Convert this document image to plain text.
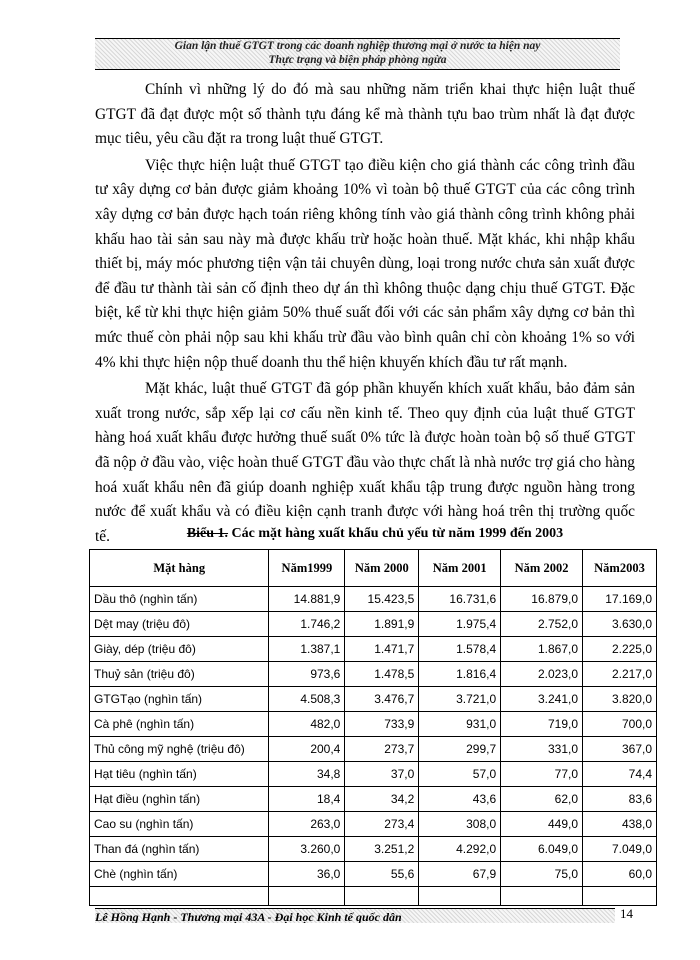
Gian lận thuế GTGT trong các doanh nghiệp thương mại ở nước ta hiện nay
Thực trạng và biện pháp phòng ngừa

Chính vì những lý do đó mà sau những năm triển khai thực hiện luật thuế GTGT đã đạt được một số thành tựu đáng kể mà thành tựu bao trùm nhất là đạt được mục tiêu, yêu cầu đặt ra trong luật thuế GTGT.

Việc thực hiện luật thuế GTGT tạo điều kiện cho giá thành các công trình đầu tư xây dựng cơ bản được giảm khoảng 10% vì toàn bộ thuế GTGT của các công trình xây dựng cơ bản được hạch toán riêng không tính vào giá thành công trình không phải khấu hao tài sản sau này mà được khấu trừ hoặc hoàn thuế. Mặt khác, khi nhập khẩu thiết bị, máy móc phương tiện vận tải chuyên dùng, loại trong nước chưa sản xuất được để đầu tư thành tài sản cố định theo dự án thì không thuộc dạng chịu thuế GTGT. Đặc biệt, kể từ khi thực hiện giảm 50% thuế suất đối với các sản phẩm xây dựng cơ bản thì mức thuế còn phải nộp sau khi khấu trừ đầu vào bình quân chỉ còn khoảng 1% so với 4% khi thực hiện nộp thuế doanh thu thể hiện khuyến khích đầu tư rất mạnh.

Mặt khác, luật thuế GTGT đã góp phần khuyến khích xuất khẩu, bảo đảm sản xuất trong nước, sắp xếp lại cơ cấu nền kinh tế. Theo quy định của luật thuế GTGT hàng hoá xuất khẩu được hưởng thuế suất 0% tức là được hoàn toàn bộ số thuế GTGT đã nộp ở đầu vào, việc hoàn thuế GTGT đầu vào thực chất là nhà nước trợ giá cho hàng hoá xuất khẩu nên đã giúp doanh nghiệp xuất khẩu tập trung được nguồn hàng trong nước để xuất khẩu và có điều kiện cạnh tranh được với hàng hoá trên thị trường quốc tế.	Biểu 1. Các mặt hàng xuất khẩu chủ yếu từ năm 1999 đến 2003
Mặt hàng	Năm1999	Năm 2000	Năm 2001	Năm 2002	Năm2003
Dầu thô (nghìn tấn)	14.881,9	15.423,5	16.731,6	16.879,0	17.169,0
Dệt may (triệu đô)	1.746,2	1.891,9	1.975,4	2.752,0	3.630,0
Giày, dép (triệu đô)	1.387,1	1.471,7	1.578,4	1.867,0	2.225,0
Thuỷ sản (triệu đô)	973,6	1.478,5	1.816,4	2.023,0	2.217,0
GTGTạo (nghìn tấn)	4.508,3	3.476,7	3.721,0	3.241,0	3.820,0
Cà phê (nghìn tấn)	482,0	733,9	931,0	719,0	700,0
Thủ công mỹ nghệ (triệu đô)	200,4	273,7	299,7	331,0	367,0
Hạt tiêu (nghìn tấn)	34,8	37,0	57,0	77,0	74,4
Hạt điều (nghìn tấn)	18,4	34,2	43,6	62,0	83,6
Cao su (nghìn tấn)	263,0	273,4	308,0	449,0	438,0
Than đá (nghìn tấn)	3.260,0	3.251,2	4.292,0	6.049,0	7.049,0
Chè (nghìn tấn)	36,0	55,6	67,9	75,0	60,0

Lê Hồng Hạnh - Thương mại 43A - Đại học Kinh tế quốc dân	14
